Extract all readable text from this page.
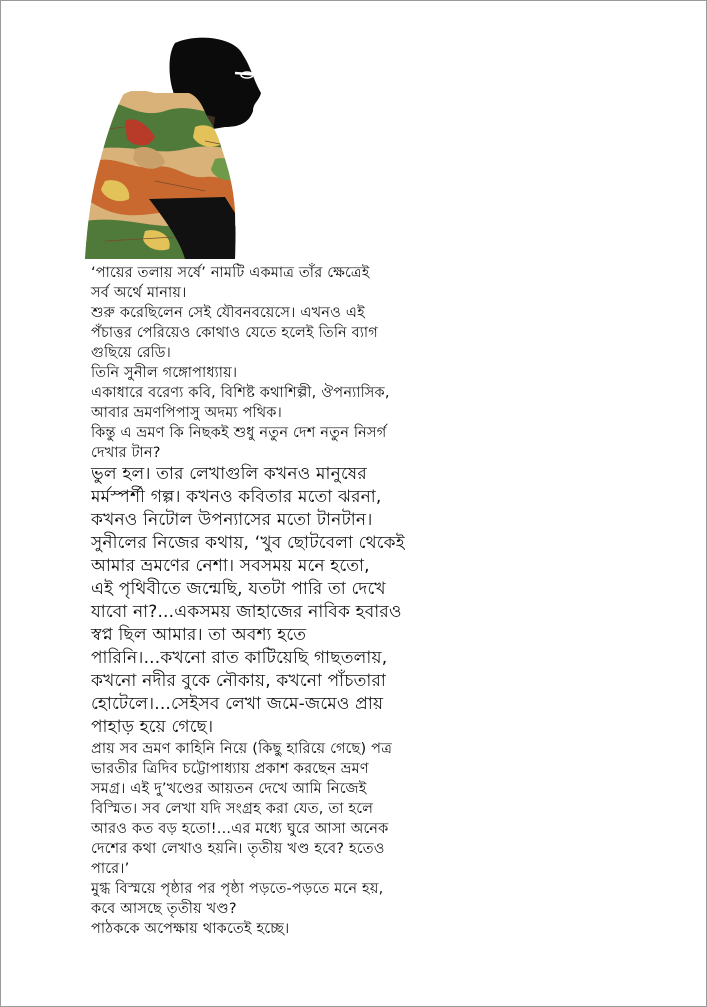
‘পায়ের তলায় সর্ষে’ নামটি একমাত্র তাঁর ক্ষেত্রেই
সর্ব অর্থে মানায়।
শুরু করেছিলেন সেই যৌবনবয়েসে। এখনও এই
পঁচাত্তর পেরিয়েও কোথাও যেতে হলেই তিনি ব্যাগ
গুছিয়ে রেডি।
তিনি সুনীল গঙ্গোপাধ্যায়।
একাধারে বরেণ্য কবি, বিশিষ্ট কথাশিল্পী, ঔপন্যাসিক,
আবার ভ্রমণপিপাসু অদম্য পথিক।
কিন্তু এ ভ্রমণ কি নিছকই শুধু নতুন দেশ নতুন নিসর্গ
দেখার টান?
ভুল হল। তার লেখাগুলি কখনও মানুষের
মর্মস্পর্শী গল্প। কখনও কবিতার মতো ঝরনা,
কখনও নিটোল উপন্যাসের মতো টানটান।
সুনীলের নিজের কথায়, ‘খুব ছোটবেলা থেকেই
আমার ভ্রমণের নেশা। সবসময় মনে হতো,
এই পৃথিবীতে জন্মেছি, যতটা পারি তা দেখে
যাবো না?...একসময় জাহাজের নাবিক হবারও
স্বপ্ন ছিল আমার। তা অবশ্য হতে
পারিনি।...কখনো রাত কাটিয়েছি গাছতলায়,
কখনো নদীর বুকে নৌকায়, কখনো পাঁচতারা
হোটেলে।...সেইসব লেখা জমে-জমেও প্রায়
পাহাড় হয়ে গেছে।
প্রায় সব ভ্রমণ কাহিনি নিয়ে (কিছু হারিয়ে গেছে) পত্র
ভারতীর ত্রিদিব চট্টোপাধ্যায় প্রকাশ করছেন ভ্রমণ
সমগ্র। এই দু’খণ্ডের আয়তন দেখে আমি নিজেই
বিস্মিত। সব লেখা যদি সংগ্রহ করা যেত, তা হলে
আরও কত বড় হতো!...এর মধ্যে ঘুরে আসা অনেক
দেশের কথা লেখাও হয়নি। তৃতীয় খণ্ড হবে? হতেও
পারে।’
মুগ্ধ বিস্ময়ে পৃষ্ঠার পর পৃষ্ঠা পড়তে-পড়তে মনে হয়,
কবে আসছে তৃতীয় খণ্ড?
পাঠককে অপেক্ষায় থাকতেই হচ্ছে।
